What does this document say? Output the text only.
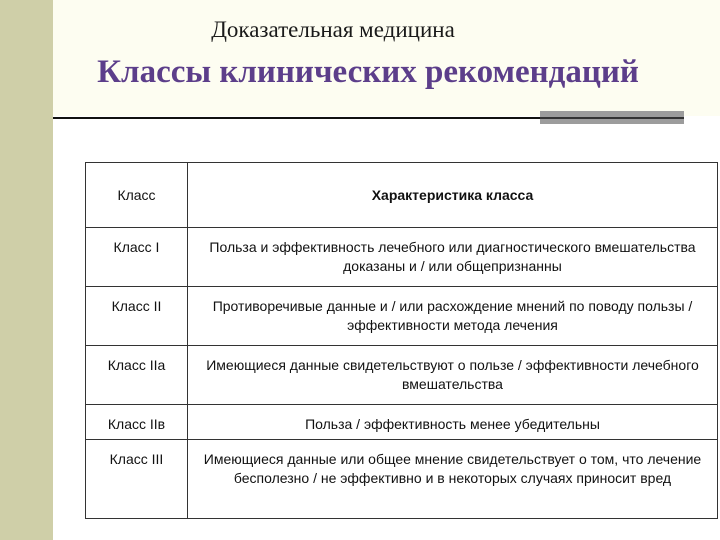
Доказательная медицина
Классы клинических рекомендаций
Класс	Характеристика класса

Класс I	Польза и эффективность лечебного или диагностического вмешательства доказаны и / или общепризнанны

Класс II	Противоречивые данные и / или расхождение мнений по поводу пользы / эффективности метода лечения

Класс IIa	Имеющиеся данные свидетельствуют о пользе / эффективности лечебного вмешательства

Класс IIв	Польза / эффективность менее убедительны

Класс III	Имеющиеся данные или общее мнение свидетельствует о том, что лечение бесполезно / не эффективно и в некоторых случаях приносит вред
